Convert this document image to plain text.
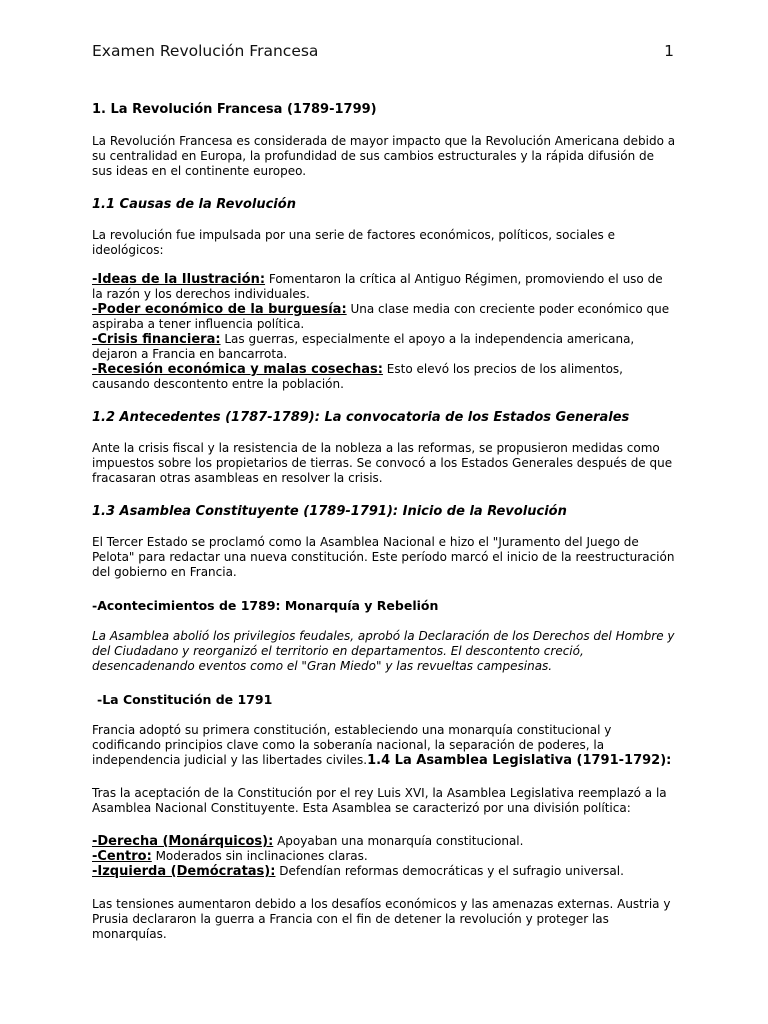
Examen Revolución Francesa	1
1. La Revolución Francesa (1789-1799)

La Revolución Francesa es considerada de mayor impacto que la Revolución Americana debido a su centralidad en Europa, la profundidad de sus cambios estructurales y la rápida difusión de sus ideas en el continente europeo.

1.1 Causas de la Revolución

La revolución fue impulsada por una serie de factores económicos, políticos, sociales e ideológicos:

-Ideas de la Ilustración: Fomentaron la crítica al Antiguo Régimen, promoviendo el uso de la razón y los derechos individuales.
-Poder económico de la burguesía: Una clase media con creciente poder económico que aspiraba a tener influencia política.
-Crisis financiera: Las guerras, especialmente el apoyo a la independencia americana, dejaron a Francia en bancarrota.
-Recesión económica y malas cosechas: Esto elevó los precios de los alimentos, causando descontento entre la población.
1.2 Antecedentes (1787-1789): La convocatoria de los Estados Generales

Ante la crisis fiscal y la resistencia de la nobleza a las reformas, se propusieron medidas como impuestos sobre los propietarios de tierras. Se convocó a los Estados Generales después de que fracasaran otras asambleas en resolver la crisis.

1.3 Asamblea Constituyente (1789-1791): Inicio de la Revolución

El Tercer Estado se proclamó como la Asamblea Nacional e hizo el "Juramento del Juego de Pelota" para redactar una nueva constitución. Este período marcó el inicio de la reestructuración del gobierno en Francia.

-Acontecimientos de 1789: Monarquía y Rebelión

La Asamblea abolió los privilegios feudales, aprobó la Declaración de los Derechos del Hombre y del Ciudadano y reorganizó el territorio en departamentos. El descontento creció, desencadenando eventos como el "Gran Miedo" y las revueltas campesinas.

-La Constitución de 1791

Francia adoptó su primera constitución, estableciendo una monarquía constitucional y codificando principios clave como la soberanía nacional, la separación de poderes, la independencia judicial y las libertades civiles.1.4 La Asamblea Legislativa (1791-1792):

Tras la aceptación de la Constitución por el rey Luis XVI, la Asamblea Legislativa reemplazó a la Asamblea Nacional Constituyente. Esta Asamblea se caracterizó por una división política:

-Derecha (Monárquicos): Apoyaban una monarquía constitucional.
-Centro: Moderados sin inclinaciones claras.
-Izquierda (Demócratas): Defendían reformas democráticas y el sufragio universal.

Las tensiones aumentaron debido a los desafíos económicos y las amenazas externas. Austria y Prusia declararon la guerra a Francia con el fin de detener la revolución y proteger las monarquías.
